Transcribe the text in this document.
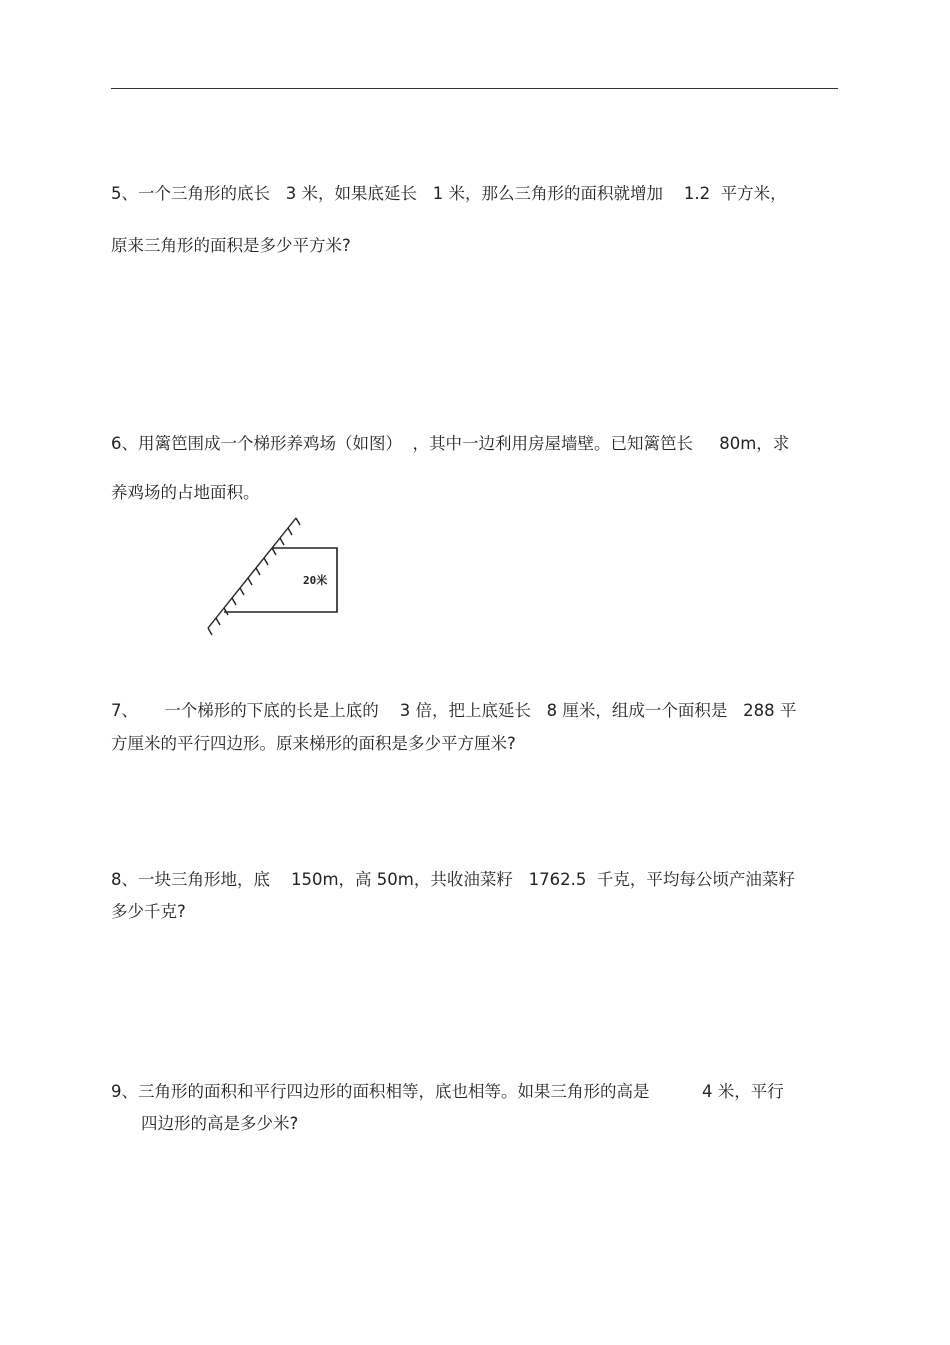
5、一个三角形的底长   3 米，如果底延长   1 米，那么三角形的面积就增加    1.2  平方米，
原来三角形的面积是多少平方米?
6、用篱笆围成一个梯形养鸡场（如图）  ，其中一边利用房屋墙壁。已知篱笆长     80m，求
养鸡场的占地面积。
20米
7、     一个梯形的下底的长是上底的    3 倍，把上底延长   8 厘米，组成一个面积是   288 平
方厘米的平行四边形。原来梯形的面积是多少平方厘米?
8、一块三角形地，底    150m，高 50m，共收油菜籽   1762.5  千克，平均每公顷产油菜籽
多少千克?
9、三角形的面积和平行四边形的面积相等，底也相等。如果三角形的高是          4 米，平行
四边形的高是多少米?
